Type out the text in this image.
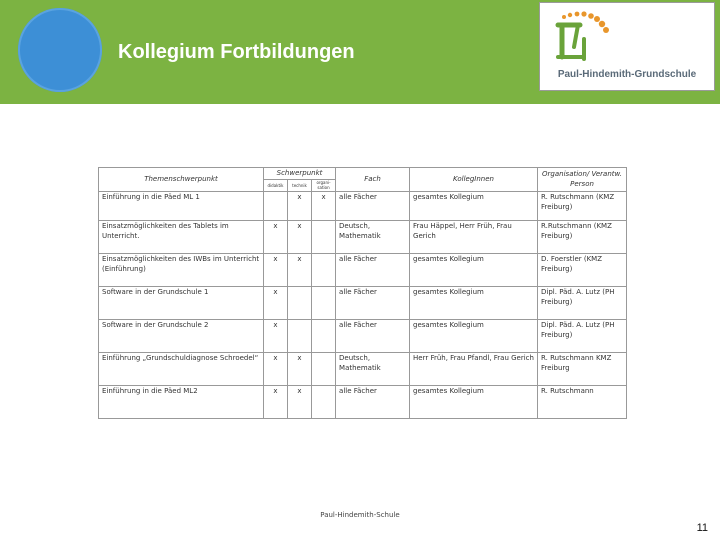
Kollegium Fortbildungen
Paul-Hindemith-Grundschule
Themenschwerpunkt	Schwerpunkt			Fach	KollegInnen	Organisation/ Verantw. Person
	didaktik	technik	organi-sation			
Einführung in die Päed ML 1		x	x	alle Fächer	gesamtes Kollegium	R. Rutschmann (KMZ Freiburg)
Einsatzmöglichkeiten des Tablets im Unterricht.	x	x		Deutsch, Mathematik	Frau Häppel, Herr Früh, Frau Gerich	R.Rutschmann (KMZ Freiburg)
Einsatzmöglichkeiten des IWBs im Unterricht (Einführung)	x	x		alle Fächer	gesamtes Kollegium	D. Foerstler (KMZ Freiburg)
Software in der Grundschule 1	x			alle Fächer	gesamtes Kollegium	Dipl. Päd. A. Lutz (PH Freiburg)
Software in der Grundschule 2	x			alle Fächer	gesamtes Kollegium	Dipl. Päd. A. Lutz (PH Freiburg)
Einführung „Grundschuldiagnose Schroedel“	x	x		Deutsch, Mathematik	Herr Früh, Frau Pfandl, Frau Gerich	R. Rutschmann KMZ Freiburg
Einführung in die Päed ML2	x	x		alle Fächer	gesamtes Kollegium	R. Rutschmann
Paul-Hindemith-Schule
11
